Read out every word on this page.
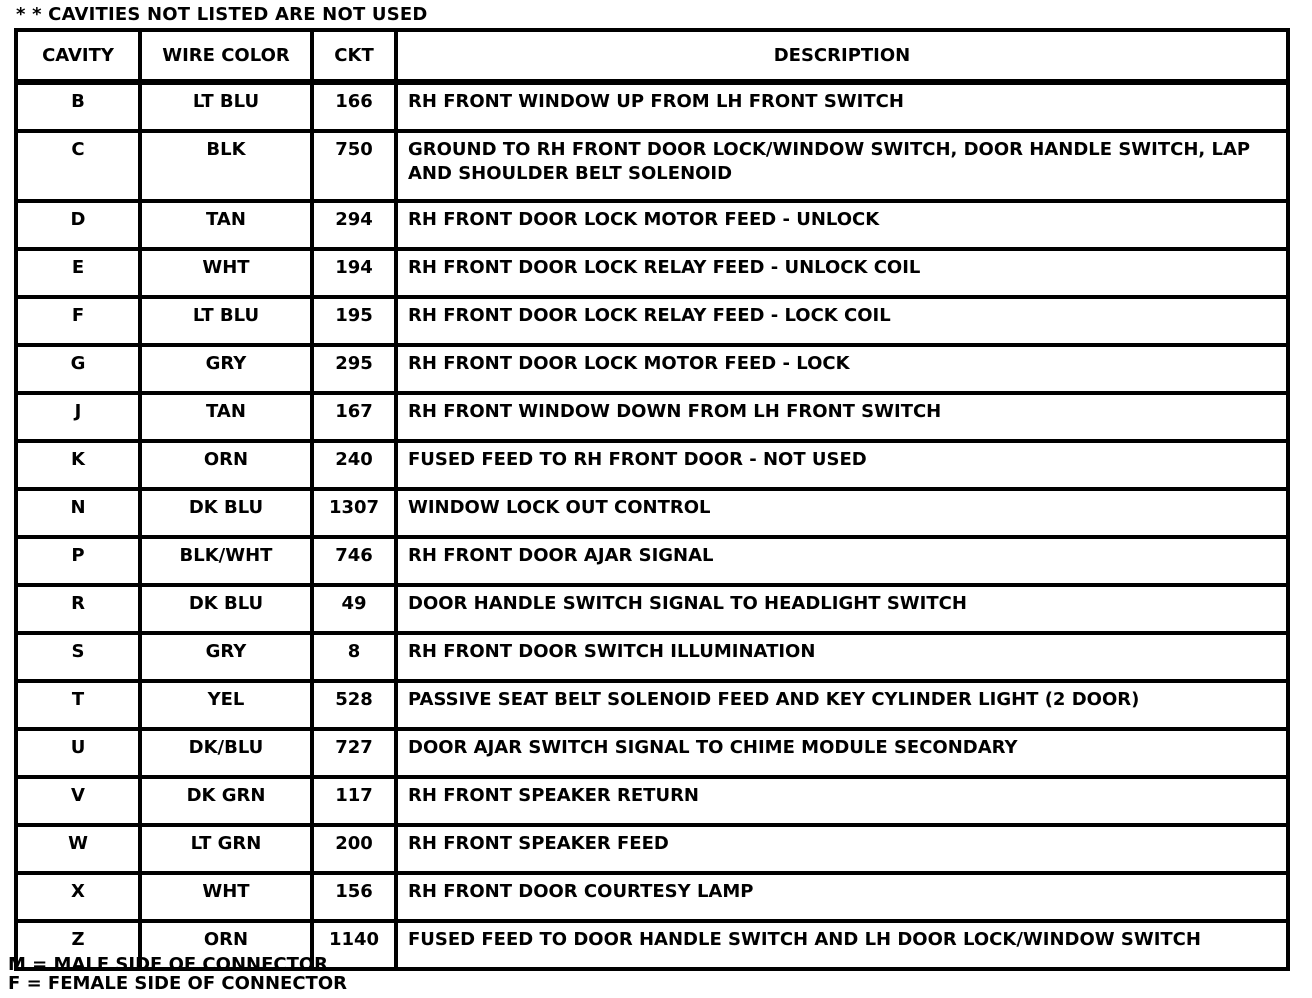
* * CAVITIES NOT LISTED ARE NOT USED
CAVITY	WIRE COLOR	CKT	DESCRIPTION
B	LT BLU	166	RH FRONT WINDOW UP FROM LH FRONT SWITCH
C	BLK	750	GROUND TO RH FRONT DOOR LOCK/WINDOW SWITCH, DOOR HANDLE SWITCH, LAP AND SHOULDER BELT SOLENOID
D	TAN	294	RH FRONT DOOR LOCK MOTOR FEED - UNLOCK
E	WHT	194	RH FRONT DOOR LOCK RELAY FEED - UNLOCK COIL
F	LT BLU	195	RH FRONT DOOR LOCK RELAY FEED - LOCK COIL
G	GRY	295	RH FRONT DOOR LOCK MOTOR FEED - LOCK
J	TAN	167	RH FRONT WINDOW DOWN FROM LH FRONT SWITCH
K	ORN	240	FUSED FEED TO RH FRONT DOOR - NOT USED
N	DK BLU	1307	WINDOW LOCK OUT CONTROL
P	BLK/WHT	746	RH FRONT DOOR AJAR SIGNAL
R	DK BLU	49	DOOR HANDLE SWITCH SIGNAL TO HEADLIGHT SWITCH
S	GRY	8	RH FRONT DOOR SWITCH ILLUMINATION
T	YEL	528	PASSIVE SEAT BELT SOLENOID FEED AND KEY CYLINDER LIGHT (2 DOOR)
U	DK/BLU	727	DOOR AJAR SWITCH SIGNAL TO CHIME MODULE SECONDARY
V	DK GRN	117	RH FRONT SPEAKER RETURN
W	LT GRN	200	RH FRONT SPEAKER FEED
X	WHT	156	RH FRONT DOOR COURTESY LAMP
Z	ORN	1140	FUSED FEED TO DOOR HANDLE SWITCH AND LH DOOR LOCK/WINDOW SWITCH
M = MALE SIDE OF CONNECTOR
F = FEMALE SIDE OF CONNECTOR
